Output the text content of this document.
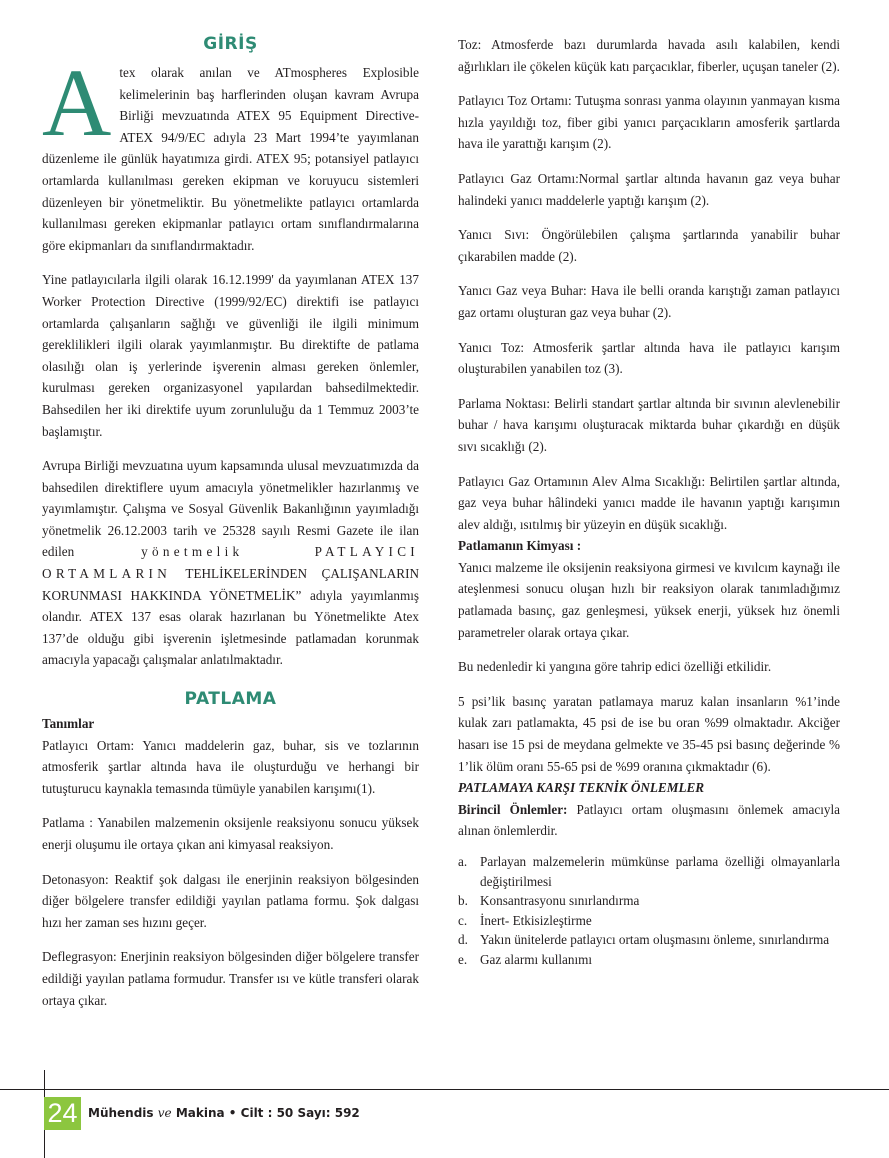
GİRİŞ

A tex olarak anılan ve ATmospheres Explosible kelimelerinin baş harflerinden oluşan kavram Avrupa Birliği mevzuatında ATEX 95 Equipment Directive-ATEX 94/9/EC adıyla 23 Mart 1994’te yayımlanan düzenleme ile günlük hayatımıza girdi. ATEX 95; potansiyel patlayıcı ortamlarda kullanılması gereken ekipman ve koruyucu sistemleri düzenleyen bir yönetmeliktir. Bu yönetmelikte patlayıcı ortamlarda kullanılması gereken ekipmanlar patlayıcı ortam sınıflandırmalarına göre ekipmanları da sınıflandırmaktadır.

Yine patlayıcılarla ilgili olarak 16.12.1999' da yayımlanan ATEX 137 Worker Protection Directive (1999/92/EC) direktifi ise patlayıcı ortamlarda çalışanların sağlığı ve güvenliği ile ilgili minimum gereklilikleri ilgili olarak yayımlanmıştır. Bu direktifte de patlama olasılığı olan iş yerlerinde işverenin alması gereken önlemler, kurulması gereken organizasyonel yapılardan bahsedilmektedir. Bahsedilen her iki direktife uyum zorunluluğu da 1 Temmuz 2003’te başlamıştır.

Avrupa Birliği mevzuatına uyum kapsamında ulusal mevzuatımızda da bahsedilen direktiflere uyum amacıyla yönetmelikler hazırlanmış ve yayımlamıştır. Çalışma ve Sosyal Güvenlik Bakanlığının yayımladığı yönetmelik 26.12.2003 tarih ve 25328 sayılı Resmi Gazete ile ilan edilen	yönetmelik PATLAYICI ORTAMLARIN TEHLİKELERİNDEN ÇALIŞANLARIN KORUNMASI HAKKINDA YÖNETMELİK” adıyla yayımlanmış olandır. ATEX 137 esas olarak hazırlanan bu Yönetmelikte Atex 137’de olduğu gibi işverenin işletmesinde patlamadan korunmak amacıyla yapacağı çalışmalar anlatılmaktadır.

PATLAMA

Tanımlar

Patlayıcı Ortam: Yanıcı maddelerin gaz, buhar, sis ve tozlarının atmosferik şartlar altında hava ile oluşturduğu ve herhangi bir tutuşturucu kaynakla temasında tümüyle yanabilen karışımı(1).

Patlama : Yanabilen malzemenin oksijenle reaksiyonu sonucu yüksek enerji oluşumu ile ortaya çıkan ani kimyasal reaksiyon.

Detonasyon: Reaktif şok dalgası ile enerjinin reaksiyon bölgesinden diğer bölgelere transfer edildiği yayılan patlama formu. Şok dalgası hızı her zaman ses hızını geçer.

Deflegrasyon: Enerjinin reaksiyon bölgesinden diğer bölgelere transfer edildiği yayılan patlama formudur. Transfer ısı ve kütle transferi olarak ortaya çıkar.

Toz: Atmosferde bazı durumlarda havada asılı kalabilen, kendi ağırlıkları ile çökelen küçük katı parçacıklar, fiberler, uçuşan taneler (2).

Patlayıcı Toz Ortamı: Tutuşma sonrası yanma olayının yanmayan kısma hızla yayıldığı toz, fiber gibi yanıcı parçacıkların amosferik şartlarda hava ile yarattığı karışım (2).

Patlayıcı Gaz Ortamı:Normal şartlar altında havanın gaz veya buhar halindeki yanıcı maddelerle yaptığı karışım (2).

Yanıcı Sıvı: Öngörülebilen çalışma şartlarında yanabilir buhar çıkarabilen madde (2).

Yanıcı Gaz veya Buhar: Hava ile belli oranda karıştığı zaman patlayıcı gaz ortamı oluşturan gaz veya buhar (2).

Yanıcı Toz: Atmosferik şartlar altında hava ile patlayıcı karışım oluşturabilen yanabilen toz (3).

Parlama Noktası: Belirli standart şartlar altında bir sıvının alevlenebilir buhar / hava karışımı oluşturacak miktarda buhar çıkardığı en düşük sıvı sıcaklığı (2).

Patlayıcı Gaz Ortamının Alev Alma Sıcaklığı: Belirtilen şartlar altında, gaz veya buhar hâlindeki yanıcı madde ile havanın yaptığı karışımın alev aldığı, ısıtılmış bir yüzeyin en düşük sıcaklığı.

Patlamanın Kimyası :

Yanıcı malzeme ile oksijenin reaksiyona girmesi ve kıvılcım kaynağı ile ateşlenmesi sonucu oluşan hızlı bir reaksiyon olarak tanımladığımız patlamada basınç, gaz genleşmesi, yüksek enerji, yüksek hız önemli parametreler olarak ortaya çıkar.

Bu nedenledir ki yangına göre tahrip edici özelliği etkilidir.

5 psi’lik basınç yaratan patlamaya maruz kalan insanların %1’inde kulak zarı patlamakta, 45 psi de ise bu oran %99 olmaktadır. Akciğer hasarı ise 15 psi de meydana gelmekte ve 35-45 psi basınç değerinde % 1’lik ölüm oranı 55-65 psi de %99 oranına çıkmaktadır (6).

PATLAMAYA KARŞI TEKNİK ÖNLEMLER

Birincil Önlemler: Patlayıcı ortam oluşmasını önlemek amacıyla alınan önlemlerdir.

a. Parlayan malzemelerin mümkünse parlama özelliği olmayanlarla değiştirilmesi
b. Konsantrasyonu sınırlandırma
c. İnert- Etkisizleştirme
d. Yakın ünitelerde patlayıcı ortam oluşmasını önleme, sınırlandırma
e. Gaz alarmı kullanımı
24 Mühendis ve Makina • Cilt : 50 Sayı: 592
